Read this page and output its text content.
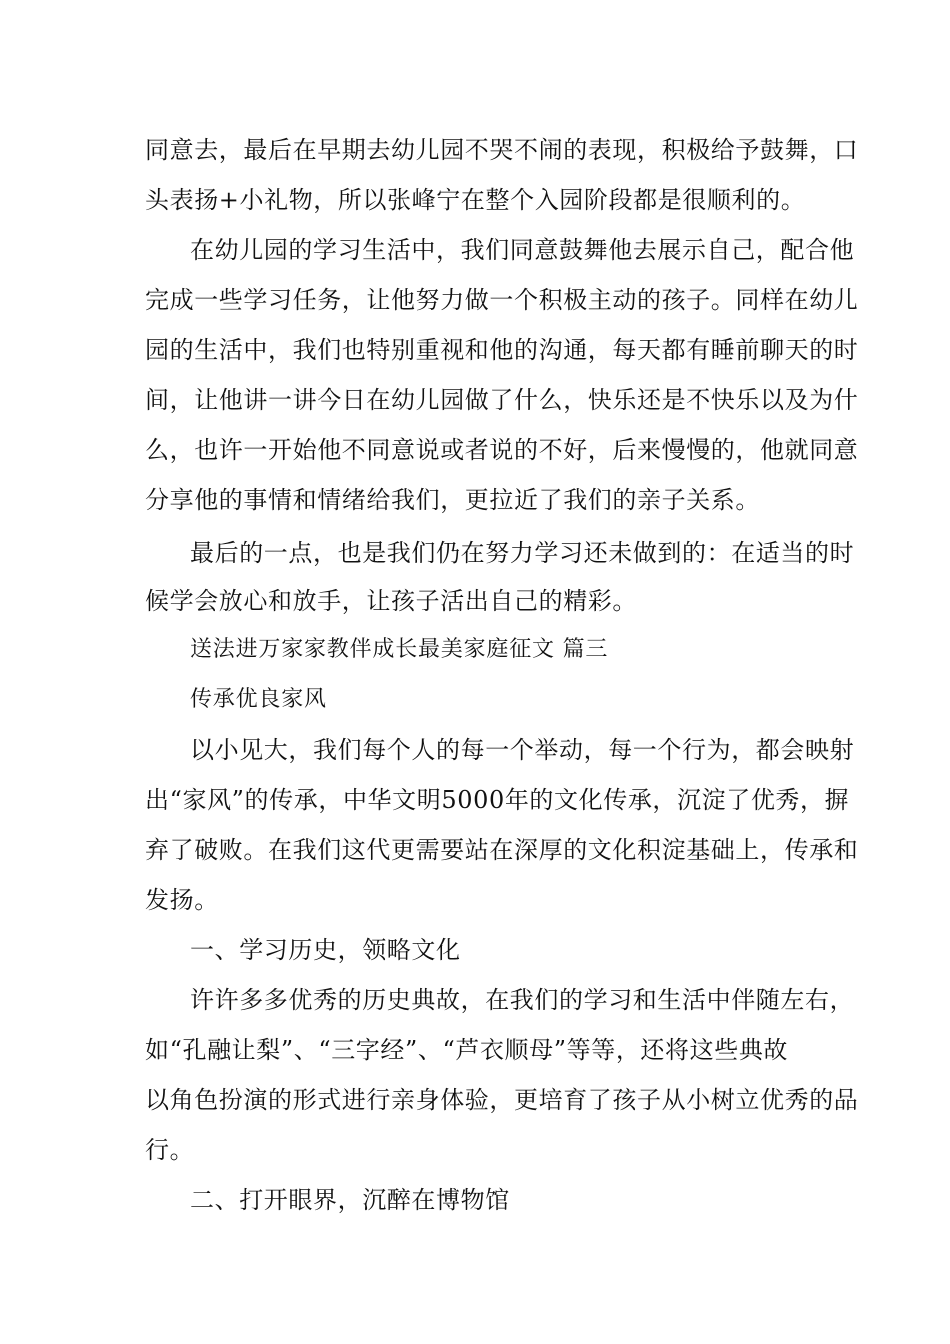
同意去，最后在早期去幼儿园不哭不闹的表现，积极给予鼓舞，口
头表扬+小礼物，所以张峰宁在整个入园阶段都是很顺利的。
在幼儿园的学习生活中，我们同意鼓舞他去展示自己，配合他
完成一些学习任务，让他努力做一个积极主动的孩子。同样在幼儿
园的生活中，我们也特别重视和他的沟通，每天都有睡前聊天的时
间，让他讲一讲今日在幼儿园做了什么，快乐还是不快乐以及为什
么，也许一开始他不同意说或者说的不好，后来慢慢的，他就同意
分享他的事情和情绪给我们，更拉近了我们的亲子关系。
最后的一点，也是我们仍在努力学习还未做到的：在适当的时
候学会放心和放手，让孩子活出自己的精彩。
送法进万家家教伴成长最美家庭征文 篇三
传承优良家风
以小见大，我们每个人的每一个举动，每一个行为，都会映射
出“家风”的传承，中华文明5000年的文化传承，沉淀了优秀，摒
弃了破败。在我们这代更需要站在深厚的文化积淀基础上，传承和
发扬。
一、学习历史，领略文化
许许多多优秀的历史典故，在我们的学习和生活中伴随左右，
如“孔融让梨”、“三字经”、“芦衣顺母”等等，还将这些典故
以角色扮演的形式进行亲身体验，更培育了孩子从小树立优秀的品
行。
二、打开眼界，沉醉在博物馆
